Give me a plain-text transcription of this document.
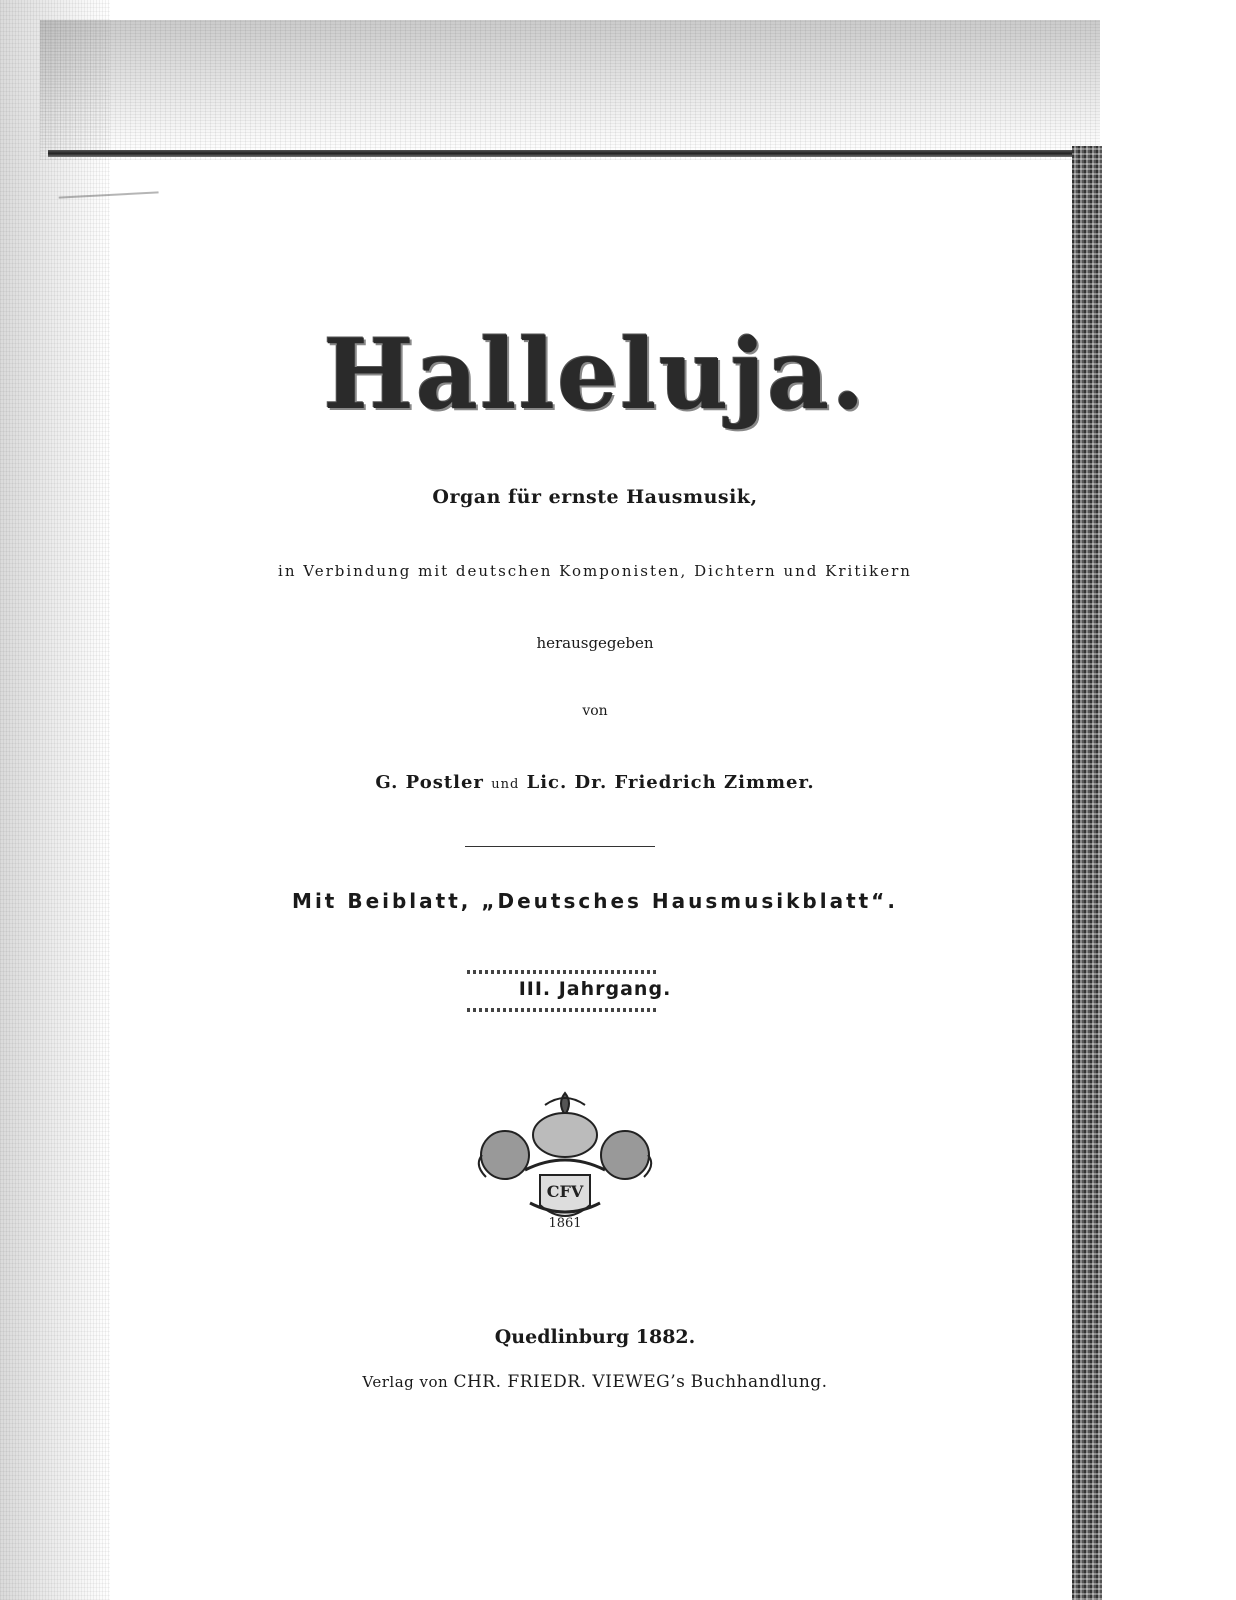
Halleluja.
Organ für ernste Hausmusik,
in Verbindung mit deutschen Komponisten, Dichtern und Kritikern
herausgegeben
von
G. Postler und Lic. Dr. Friedrich Zimmer.
Mit Beiblatt, „Deutsches Hausmusikblatt“.
III. Jahrgang.
CFV
1861
Quedlinburg 1882.
Verlag von CHR. FRIEDR. VIEWEG’s Buchhandlung.
